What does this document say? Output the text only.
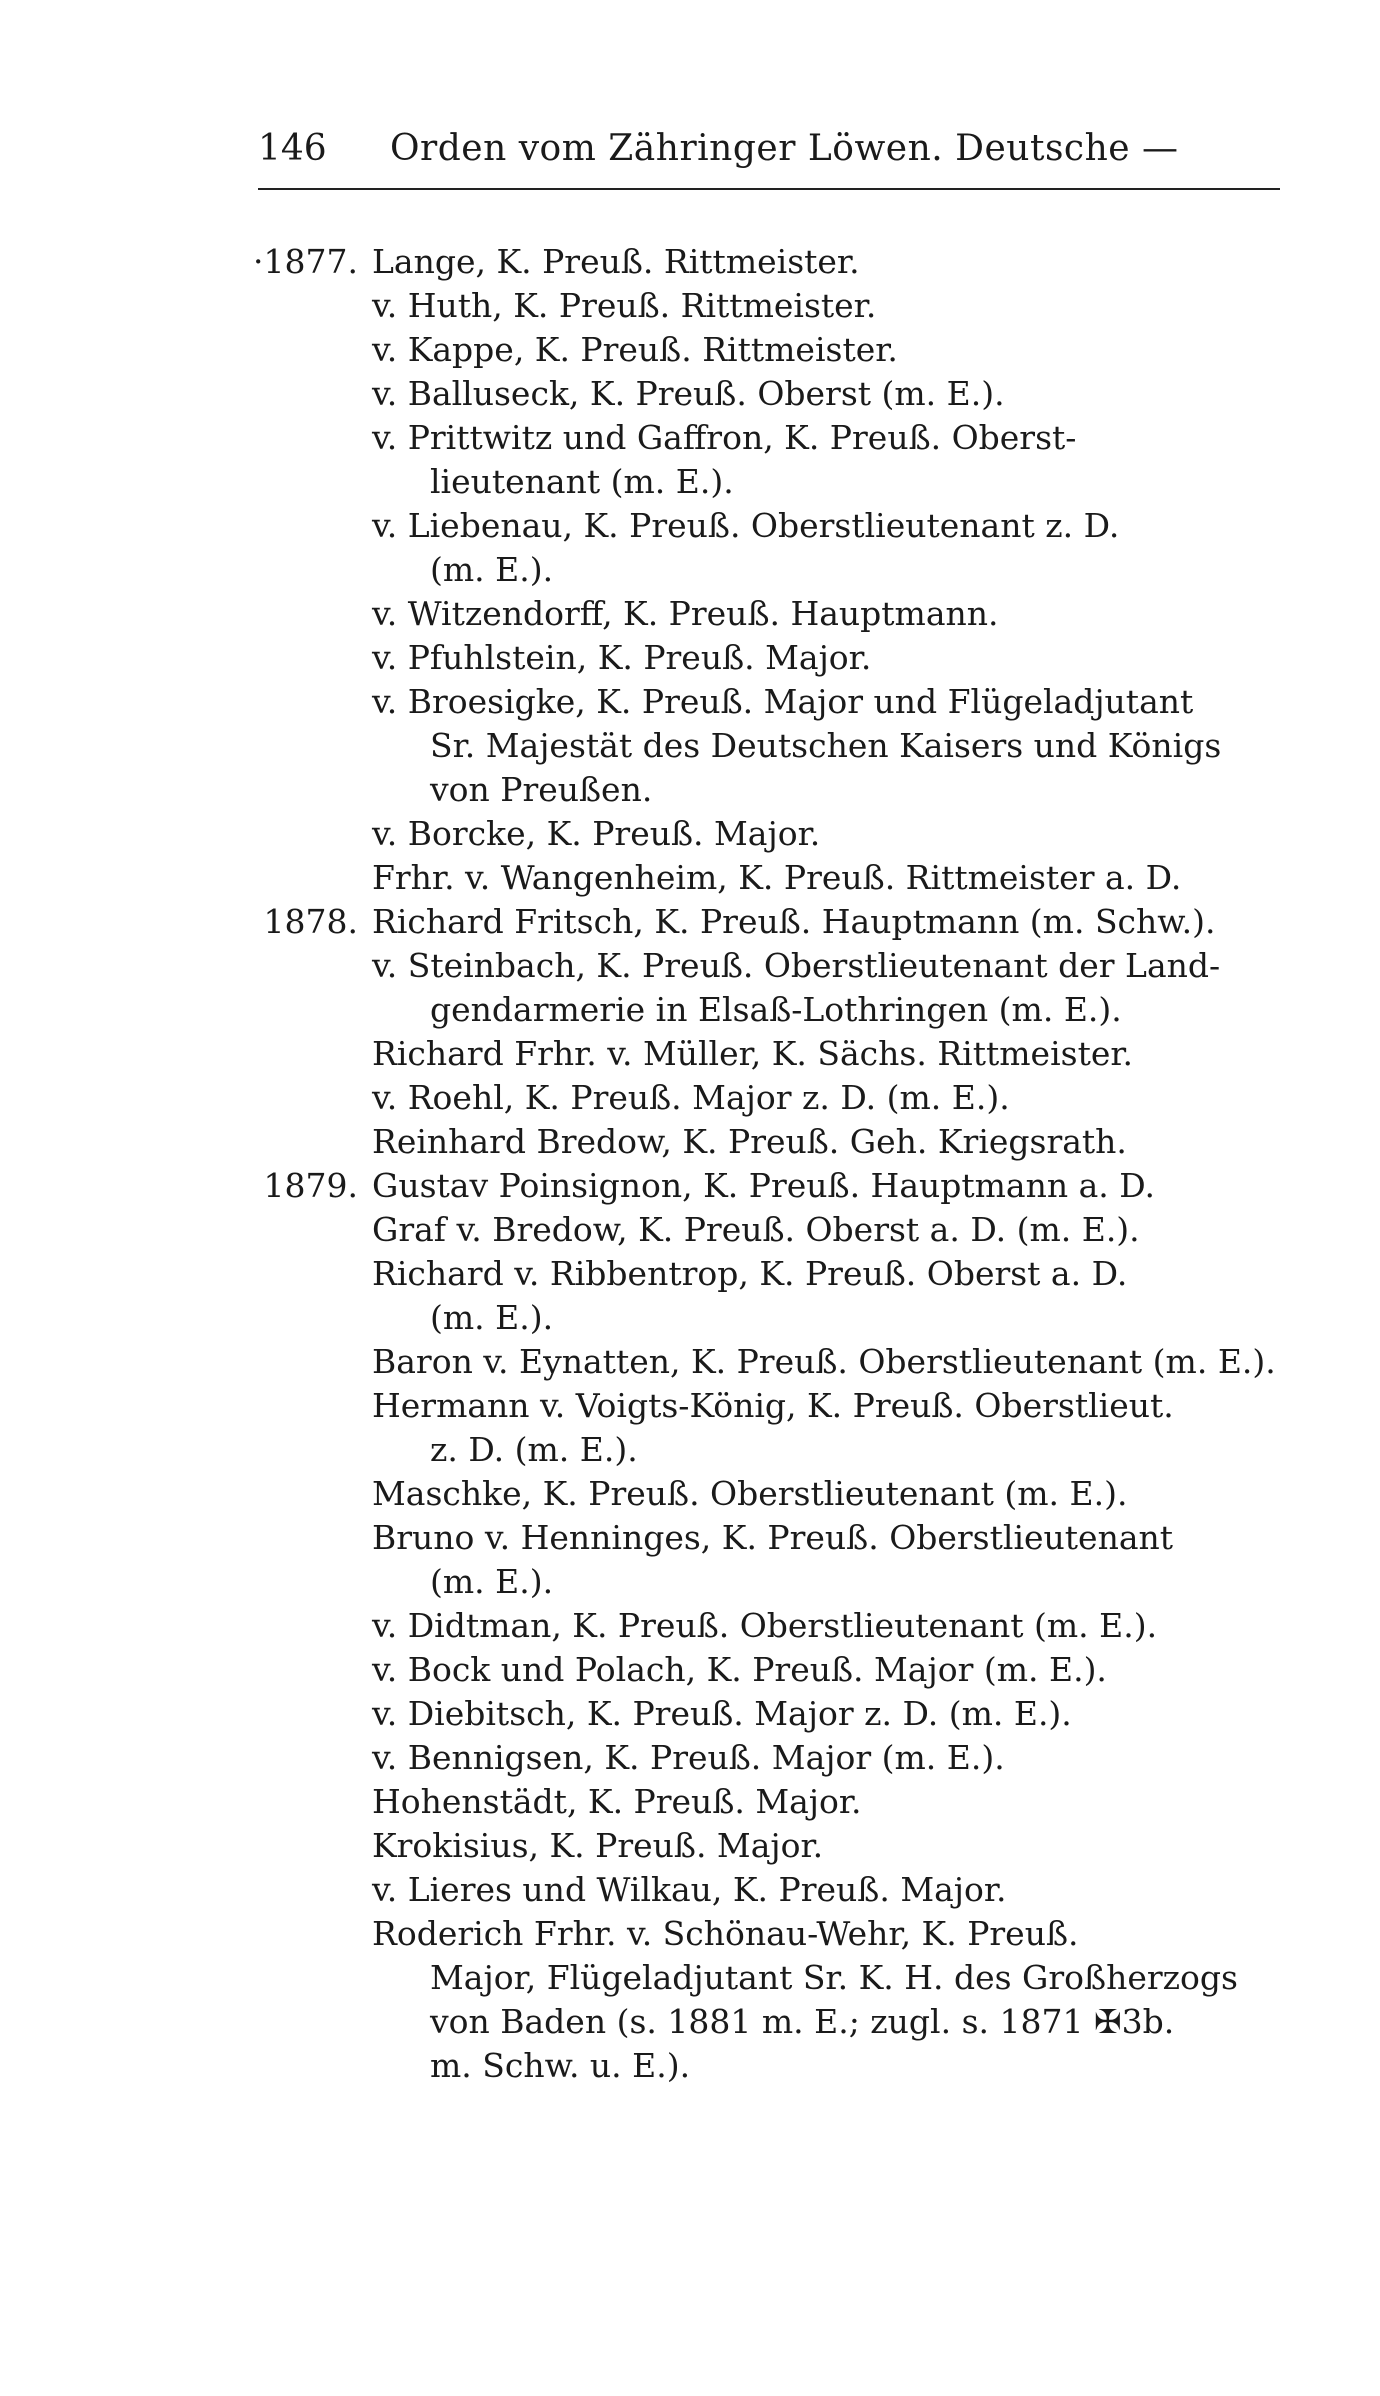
146 Orden vom Zähringer Löwen. Deutsche —
·1877. Lange, K. Preuß. Rittmeister.
v. Huth, K. Preuß. Rittmeister.
v. Kappe, K. Preuß. Rittmeister.
v. Balluseck, K. Preuß. Oberst (m. E.).
v. Prittwitz und Gaffron, K. Preuß. Oberst-
lieutenant (m. E.).
v. Liebenau, K. Preuß. Oberstlieutenant z. D.
(m. E.).
v. Witzendorff, K. Preuß. Hauptmann.
v. Pfuhlstein, K. Preuß. Major.
v. Broesigke, K. Preuß. Major und Flügeladjutant
Sr. Majestät des Deutschen Kaisers und Königs
von Preußen.
v. Borcke, K. Preuß. Major.
Frhr. v. Wangenheim, K. Preuß. Rittmeister a. D.
1878. Richard Fritsch, K. Preuß. Hauptmann (m. Schw.).
v. Steinbach, K. Preuß. Oberstlieutenant der Land-
gendarmerie in Elsaß-Lothringen (m. E.).
Richard Frhr. v. Müller, K. Sächs. Rittmeister.
v. Roehl, K. Preuß. Major z. D. (m. E.).
Reinhard Bredow, K. Preuß. Geh. Kriegsrath.
1879. Gustav Poinsignon, K. Preuß. Hauptmann a. D.
Graf v. Bredow, K. Preuß. Oberst a. D. (m. E.).
Richard v. Ribbentrop, K. Preuß. Oberst a. D.
(m. E.).
Baron v. Eynatten, K. Preuß. Oberstlieutenant (m. E.).
Hermann v. Voigts-König, K. Preuß. Oberstlieut.
z. D. (m. E.).
Maschke, K. Preuß. Oberstlieutenant (m. E.).
Bruno v. Henninges, K. Preuß. Oberstlieutenant
(m. E.).
v. Didtman, K. Preuß. Oberstlieutenant (m. E.).
v. Bock und Polach, K. Preuß. Major (m. E.).
v. Diebitsch, K. Preuß. Major z. D. (m. E.).
v. Bennigsen, K. Preuß. Major (m. E.).
Hohenstädt, K. Preuß. Major.
Krokisius, K. Preuß. Major.
v. Lieres und Wilkau, K. Preuß. Major.
Roderich Frhr. v. Schönau-Wehr, K. Preuß.
Major, Flügeladjutant Sr. K. H. des Großherzogs
von Baden (s. 1881 m. E.; zugl. s. 1871 ✠3b.
m. Schw. u. E.).
